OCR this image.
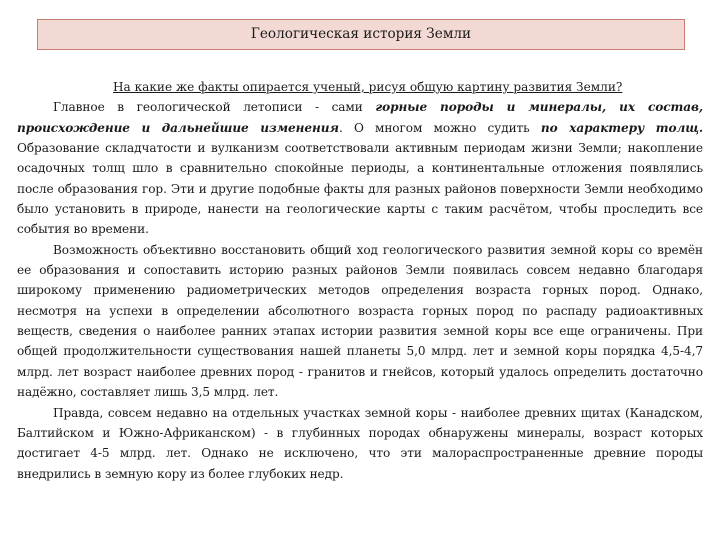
Геологическая история Земли

На какие же факты опирается ученый, рисуя общую картину развития Земли?

Главное в геологической летописи - сами горные породы и минералы, их состав, происхождение и дальнейшие изменения. О многом можно судить по характеру толщ. Образование складчатости и вулканизм соответствовали активным периодам жизни Земли; накопление осадочных толщ шло в сравнительно спокойные периоды, а континентальные отложения появлялись после образования гор. Эти и другие подобные факты для разных районов поверхности Земли необходимо было установить в природе, нанести на геологические карты с таким расчётом, чтобы проследить все события во времени.

Возможность объективно восстановить общий ход геологического развития земной коры со времён ее образования и сопоставить историю разных районов Земли появилась совсем недавно благодаря широкому применению радиометрических методов определения возраста горных пород. Однако, несмотря на успехи в определении абсолютного возраста горных пород по распаду радиоактивных веществ, сведения о наиболее ранних этапах истории развития земной коры все еще ограничены. При общей продолжительности существования нашей планеты 5,0 млрд. лет и земной коры порядка 4,5-4,7 млрд. лет возраст наиболее древних пород - гранитов и гнейсов, который удалось определить достаточно надёжно, составляет лишь 3,5 млрд. лет.

Правда, совсем недавно на отдельных участках земной коры - наиболее древних щитах (Канадском, Балтийском и Южно-Африканском) - в глубинных породах обнаружены минералы, возраст которых достигает 4-5 млрд. лет. Однако не исключено, что эти малораспространенные древние породы внедрились в земную кору из более глубоких недр.
